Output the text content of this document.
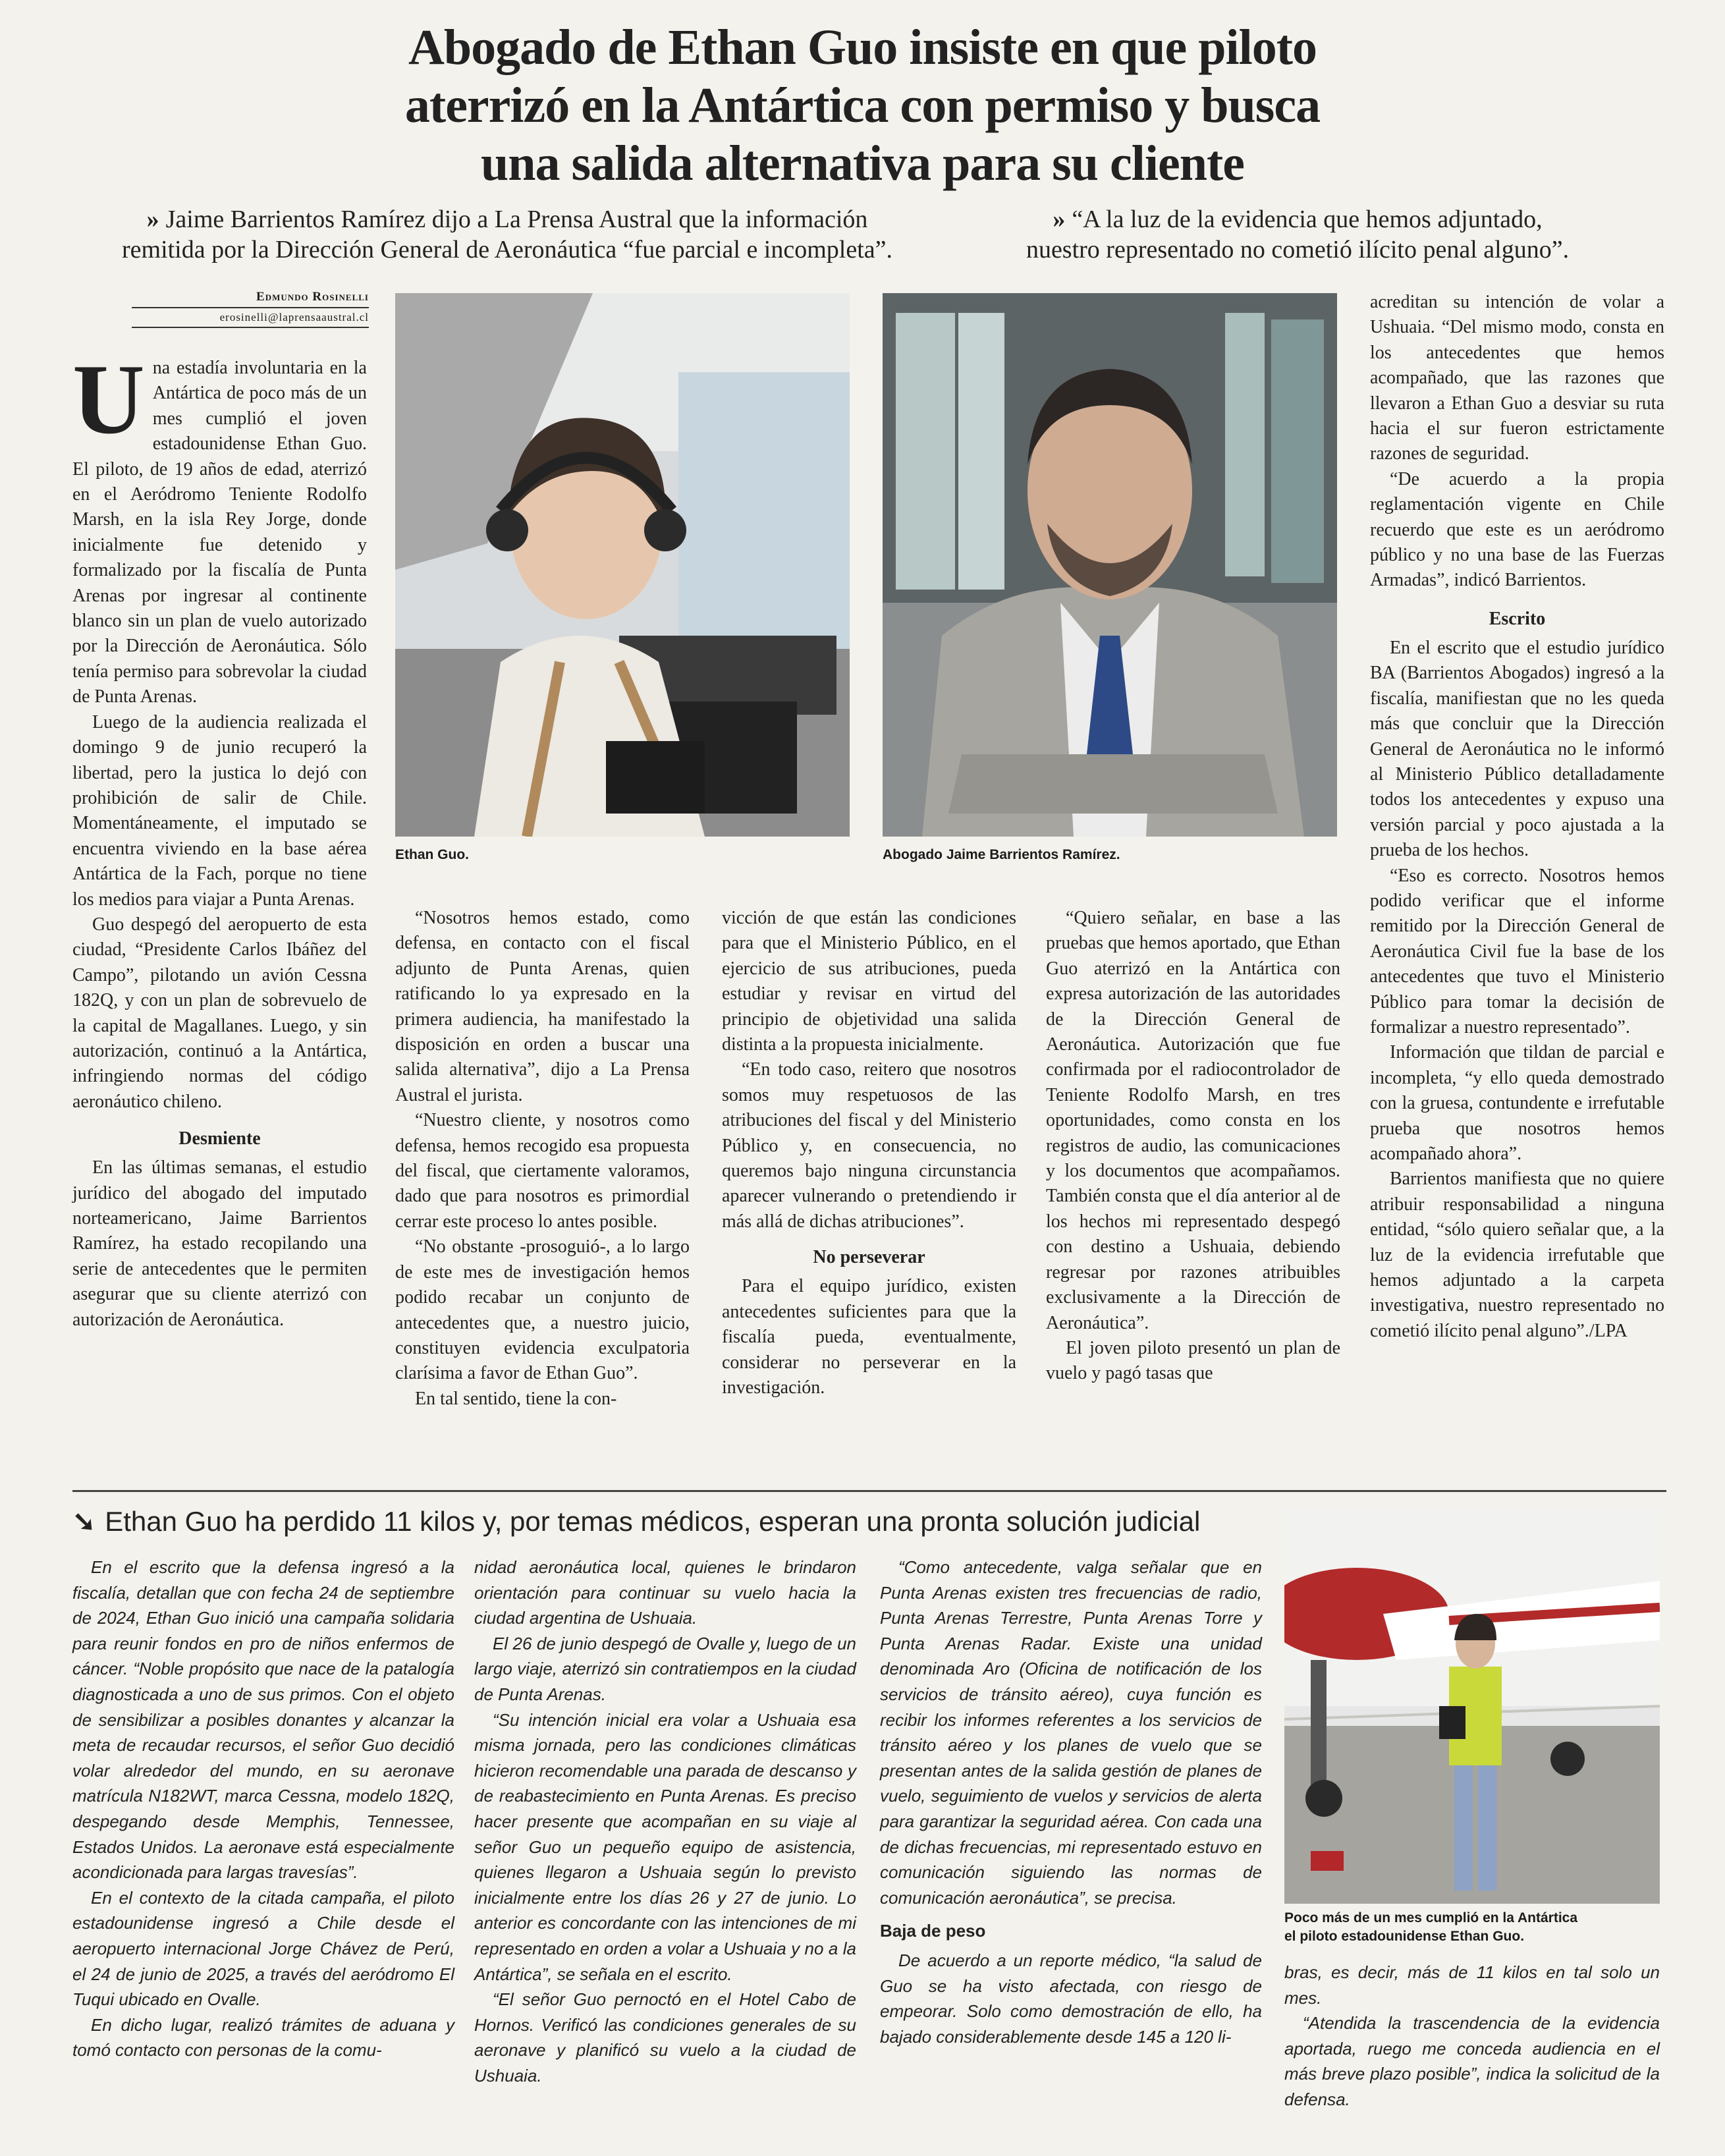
Abogado de Ethan Guo insiste en que piloto
aterrizó en la Antártica con permiso y busca
una salida alternativa para su cliente
» Jaime Barrientos Ramírez dijo a La Prensa Austral que la información
remitida por la Dirección General de Aeronáutica “fue parcial e incompleta”.
» “A la luz de la evidencia que hemos adjuntado,
nuestro representado no cometió ilícito penal alguno”.
Edmundo Rosinelli
erosinelli@laprensaaustral.cl
Ethan Guo.	Abogado Jaime Barrientos Ramírez.

Una estadía involuntaria en la Antártica de poco más de un mes cumplió el joven estadounidense Ethan Guo. El piloto, de 19 años de edad, aterrizó en el Aeródromo Teniente Rodolfo Marsh, en la isla Rey Jorge, donde inicialmente fue detenido y formalizado por la fiscalía de Punta Arenas por ingresar al continente blanco sin un plan de vuelo autorizado por la Dirección de Aeronáutica. Sólo tenía permiso para sobrevolar la ciudad de Punta Arenas.

Luego de la audiencia realizada el domingo 9 de junio recuperó la libertad, pero la justica lo dejó con prohibición de salir de Chile. Momentáneamente, el imputado se encuentra viviendo en la base aérea Antártica de la Fach, porque no tiene los medios para viajar a Punta Arenas.

Guo despegó del aeropuerto de esta ciudad, “Presidente Carlos Ibáñez del Campo”, pilotando un avión Cessna 182Q, y con un plan de sobrevuelo de la capital de Magallanes. Luego, y sin autorización, continuó a la Antártica, infringiendo normas del código aeronáutico chileno.

Desmiente

En las últimas semanas, el estudio jurídico del abogado del imputado norteamericano, Jaime Barrientos Ramírez, ha estado recopilando una serie de antecedentes que le permiten asegurar que su cliente aterrizó con autorización de Aeronáutica.

“Nosotros hemos estado, como defensa, en contacto con el fiscal adjunto de Punta Arenas, quien ratificando lo ya expresado en la primera audiencia, ha manifestado la disposición en orden a buscar una salida alternativa”, dijo a La Prensa Austral el jurista.

“Nuestro cliente, y nosotros como defensa, hemos recogido esa propuesta del fiscal, que ciertamente valoramos, dado que para nosotros es primordial cerrar este proceso lo antes posible.

“No obstante -prosoguió-, a lo largo de este mes de investigación hemos podido recabar un conjunto de antecedentes que, a nuestro juicio, constituyen evidencia exculpatoria clarísima a favor de Ethan Guo”.

En tal sentido, tiene la con-

vicción de que están las condiciones para que el Ministerio Público, en el ejercicio de sus atribuciones, pueda estudiar y revisar en virtud del principio de objetividad una salida distinta a la propuesta inicialmente.

“En todo caso, reitero que nosotros somos muy respetuosos de las atribuciones del fiscal y del Ministerio Público y, en consecuencia, no queremos bajo ninguna circunstancia aparecer vulnerando o pretendiendo ir más allá de dichas atribuciones”.

No perseverar

Para el equipo jurídico, existen antecedentes suficientes para que la fiscalía pueda, eventualmente, considerar no perseverar en la investigación.

“Quiero señalar, en base a las pruebas que hemos aportado, que Ethan Guo aterrizó en la Antártica con expresa autorización de las autoridades de la Dirección General de Aeronáutica. Autorización que fue confirmada por el radiocontrolador de Teniente Rodolfo Marsh, en tres oportunidades, como consta en los registros de audio, las comunicaciones y los documentos que acompañamos. También consta que el día anterior al de los hechos mi representado despegó con destino a Ushuaia, debiendo regresar por razones atribuibles exclusivamente a la Dirección de Aeronáutica”.

El joven piloto presentó un plan de vuelo y pagó tasas que

acreditan su intención de volar a Ushuaia. “Del mismo modo, consta en los antecedentes que hemos acompañado, que las razones que llevaron a Ethan Guo a desviar su ruta hacia el sur fueron estrictamente razones de seguridad.

“De acuerdo a la propia reglamentación vigente en Chile recuerdo que este es un aeródromo público y no una base de las Fuerzas Armadas”, indicó Barrientos.

Escrito

En el escrito que el estudio jurídico BA (Barrientos Abogados) ingresó a la fiscalía, manifiestan que no les queda más que concluir que la Dirección General de Aeronáutica no le informó al Ministerio Público detalladamente todos los antecedentes y expuso una versión parcial y poco ajustada a la prueba de los hechos.

“Eso es correcto. Nosotros hemos podido verificar que el informe remitido por la Dirección General de Aeronáutica Civil fue la base de los antecedentes que tuvo el Ministerio Público para tomar la decisión de formalizar a nuestro representado”.

Información que tildan de parcial e incompleta, “y ello queda demostrado con la gruesa, contundente e irrefutable prueba que nosotros hemos acompañado ahora”.

Barrientos manifiesta que no quiere atribuir responsabilidad a ninguna entidad, “sólo quiero señalar que, a la luz de la evidencia irrefutable que hemos adjuntado a la carpeta investigativa, nuestro representado no cometió ilícito penal alguno”./LPA

➘ Ethan Guo ha perdido 11 kilos y, por temas médicos, esperan una pronta solución judicial

En el escrito que la defensa ingresó a la fiscalía, detallan que con fecha 24 de septiembre de 2024, Ethan Guo inició una campaña solidaria para reunir fondos en pro de niños enfermos de cáncer. “Noble propósito que nace de la patalogía diagnosticada a uno de sus primos. Con el objeto de sensibilizar a posibles donantes y alcanzar la meta de recaudar recursos, el señor Guo decidió volar alrededor del mundo, en su aeronave matrícula N182WT, marca Cessna, modelo 182Q, despegando desde Memphis, Tennessee, Estados Unidos. La aeronave está especialmente acondicionada para largas travesías”.

En el contexto de la citada campaña, el piloto estadounidense ingresó a Chile desde el aeropuerto internacional Jorge Chávez de Perú, el 24 de junio de 2025, a través del aeródromo El Tuqui ubicado en Ovalle.

En dicho lugar, realizó trámites de aduana y tomó contacto con personas de la comu-

nidad aeronáutica local, quienes le brindaron orientación para continuar su vuelo hacia la ciudad argentina de Ushuaia.

El 26 de junio despegó de Ovalle y, luego de un largo viaje, aterrizó sin contratiempos en la ciudad de Punta Arenas.

“Su intención inicial era volar a Ushuaia esa misma jornada, pero las condiciones climáticas hicieron recomendable una parada de descanso y de reabastecimiento en Punta Arenas. Es preciso hacer presente que acompañan en su viaje al señor Guo un pequeño equipo de asistencia, quienes llegaron a Ushuaia según lo previsto inicialmente entre los días 26 y 27 de junio. Lo anterior es concordante con las intenciones de mi representado en orden a volar a Ushuaia y no a la Antártica”, se señala en el escrito.

“El señor Guo pernoctó en el Hotel Cabo de Hornos. Verificó las condiciones generales de su aeronave y planificó su vuelo a la ciudad de Ushuaia.

“Como antecedente, valga señalar que en Punta Arenas existen tres frecuencias de radio, Punta Arenas Terrestre, Punta Arenas Torre y Punta Arenas Radar. Existe una unidad denominada Aro (Oficina de notificación de los servicios de tránsito aéreo), cuya función es recibir los informes referentes a los servicios de tránsito aéreo y los planes de vuelo que se presentan antes de la salida gestión de planes de vuelo, seguimiento de vuelos y servicios de alerta para garantizar la seguridad aérea. Con cada una de dichas frecuencias, mi representado estuvo en comunicación siguiendo las normas de comunicación aeronáutica”, se precisa.

Baja de peso

De acuerdo a un reporte médico, “la salud de Guo se ha visto afectada, con riesgo de empeorar. Solo como demostración de ello, ha bajado considerablemente desde 145 a 120 li-

Poco más de un mes cumplió en la Antártica
el piloto estadounidense Ethan Guo.

bras, es decir, más de 11 kilos en tal solo un mes.

“Atendida la trascendencia de la evidencia aportada, ruego me conceda audiencia en el más breve plazo posible”, indica la solicitud de la defensa.
